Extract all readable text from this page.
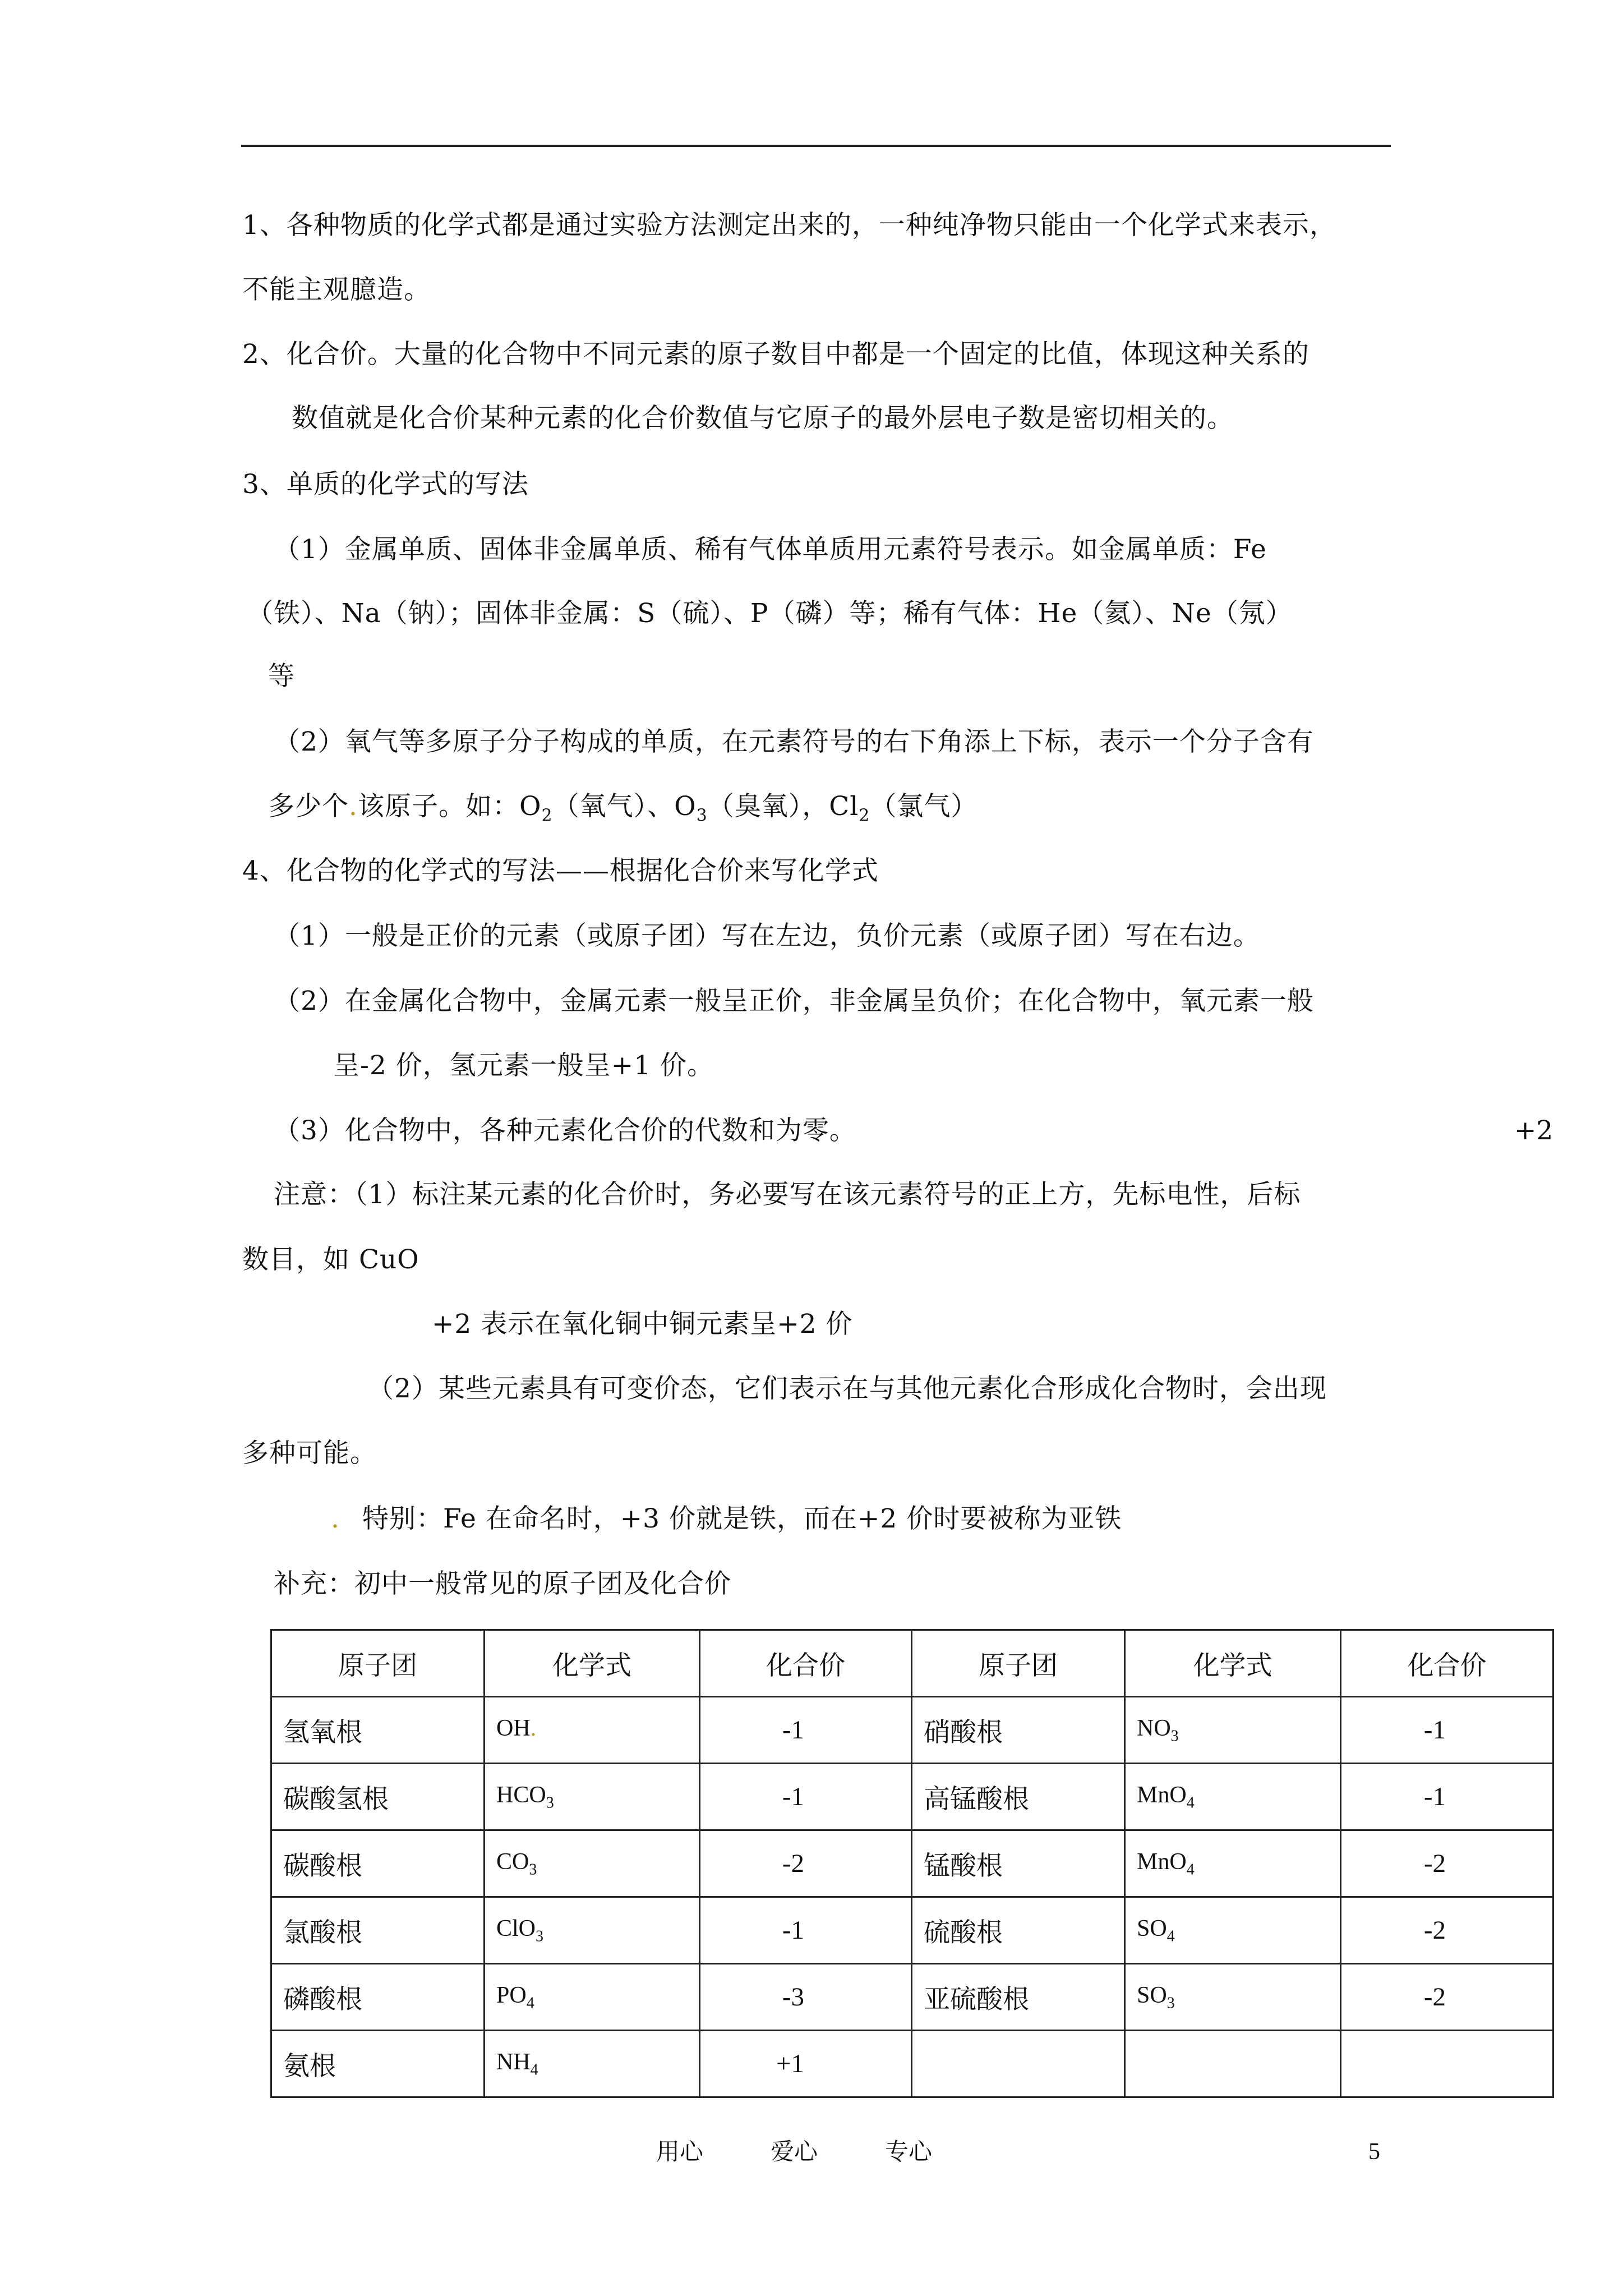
1、各种物质的化学式都是通过实验方法测定出来的，一种纯净物只能由一个化学式来表示，

不能主观臆造。

2、化合价。大量的化合物中不同元素的原子数目中都是一个固定的比值，体现这种关系的

数值就是化合价某种元素的化合价数值与它原子的最外层电子数是密切相关的。

3、单质的化学式的写法

（1）金属单质、固体非金属单质、稀有气体单质用元素符号表示。如金属单质：Fe

（铁）、Na（钠）；固体非金属：S（硫）、P（磷）等；稀有气体：He（氦）、Ne（氖）

等

（2）氧气等多原子分子构成的单质，在元素符号的右下角添上下标，表示一个分子含有

多少个.该原子。如：$O_2$（氧气）、$O_3$（臭氧），$Cl_2$（氯气）

4、化合物的化学式的写法——根据化合价来写化学式

（1）一般是正价的元素（或原子团）写在左边，负价元素（或原子团）写在右边。

（2）在金属化合物中，金属元素一般呈正价，非金属呈负价；在化合物中，氧元素一般

呈-2 价，氢元素一般呈+1 价。

（3）化合物中，各种元素化合价的代数和为零。	+2

注意：（1）标注某元素的化合价时，务必要写在该元素符号的正上方，先标电性，后标

数目，如 CuO

+2 表示在氧化铜中铜元素呈+2 价

（2）某些元素具有可变价态，它们表示在与其他元素化合形成化合物时，会出现

多种可能。

. 特别：Fe 在命名时，+3 价就是铁，而在+2 价时要被称为亚铁

补充：初中一般常见的原子团及化合价

原子团	化学式	化合价	原子团	化学式	化合价
氢氧根	OH.	-1	硝酸根	$NO_3$	-1
碳酸氢根	$HCO_3$	-1	高锰酸根	MnO$_4$	-1
碳酸根	$CO_3$	-2	锰酸根	MnO$_4$	-2
氯酸根	ClO$_3$	-1	硫酸根	$SO_4$	-2
磷酸根	$PO_4$	-3	亚硫酸根	$SO_3$	-2
氨根	$NH_4$	+1			
用心	爱心	专心	5
